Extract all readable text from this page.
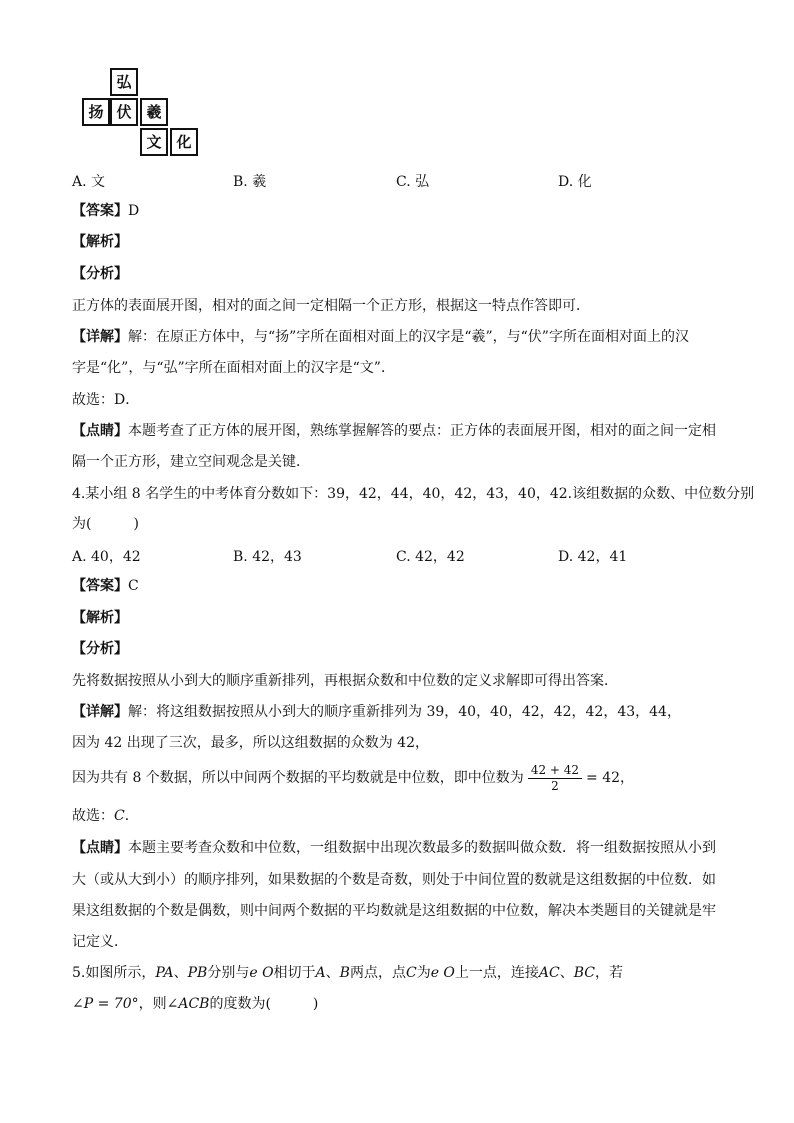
弘
扬 伏 羲
文 化
A. 文	B. 羲	C. 弘	D. 化
【答案】D
【解析】
【分析】
正方体的表面展开图，相对的面之间一定相隔一个正方形，根据这一特点作答即可．
【详解】解：在原正方体中，与“扬”字所在面相对面上的汉字是“羲”，与“伏”字所在面相对面上的汉
字是“化”，与“弘”字所在面相对面上的汉字是“文”．
故选：D．
【点睛】本题考查了正方体的展开图，熟练掌握解答的要点：正方体的表面展开图，相对的面之间一定相
隔一个正方形，建立空间观念是关键．
4.某小组 8 名学生的中考体育分数如下：39，42，44，40，42，43，40，42.该组数据的众数、中位数分别
为(　　　)
A. 40，42	B. 42，43	C. 42，42	D. 42，41
【答案】C
【解析】
【分析】
先将数据按照从小到大的顺序重新排列，再根据众数和中位数的定义求解即可得出答案．
【详解】解：将这组数据按照从小到大的顺序重新排列为 39，40，40，42，42，42，43，44，
因为 42 出现了三次，最多，所以这组数据的众数为 42，
因为共有 8 个数据，所以中间两个数据的平均数就是中位数，即中位数为 $\frac{42 + 42}{2} = 42$，
故选：C．
【点睛】本题主要考查众数和中位数，一组数据中出现次数最多的数据叫做众数．将一组数据按照从小到
大（或从大到小）的顺序排列，如果数据的个数是奇数，则处于中间位置的数就是这组数据的中位数．如
果这组数据的个数是偶数，则中间两个数据的平均数就是这组数据的中位数，解决本类题目的关键就是牢
记定义．
5.如图所示，PA、PB分别与e O相切于A、B两点，点C为e O上一点，连接AC、BC，若
∠P = 70°，则∠ACB的度数为(　　　)
